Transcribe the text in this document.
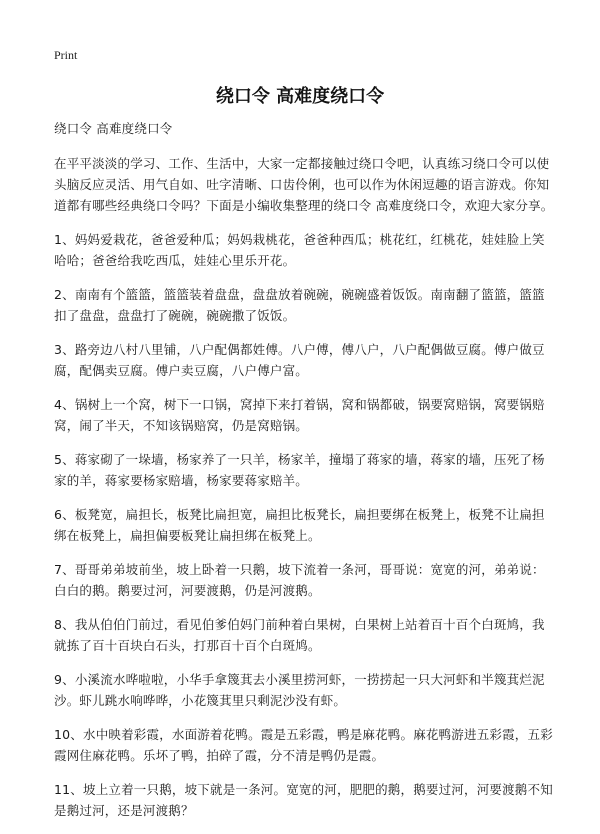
Print
绕口令 高难度绕口令

绕口令 高难度绕口令

在平平淡淡的学习、工作、生活中，大家一定都接触过绕口令吧，认真练习绕口令可以使头脑反应灵活、用气自如、吐字清晰、口齿伶俐，也可以作为休闲逗趣的语言游戏。你知道都有哪些经典绕口令吗？下面是小编收集整理的绕口令 高难度绕口令，欢迎大家分享。

1、妈妈爱栽花，爸爸爱种瓜；妈妈栽桃花，爸爸种西瓜；桃花红，红桃花，娃娃脸上笑哈哈；爸爸给我吃西瓜，娃娃心里乐开花。

2、南南有个篮篮，篮篮装着盘盘，盘盘放着碗碗，碗碗盛着饭饭。南南翻了篮篮，篮篮扣了盘盘，盘盘打了碗碗，碗碗撒了饭饭。

3、路旁边八村八里铺，八户配偶都姓傅。八户傅，傅八户，八户配偶做豆腐。傅户做豆腐，配偶卖豆腐。傅户卖豆腐，八户傅户富。

4、锅树上一个窝，树下一口锅，窝掉下来打着锅，窝和锅都破，锅要窝赔锅，窝要锅赔窝，闹了半天，不知该锅赔窝，仍是窝赔锅。

5、蒋家砌了一垛墙，杨家养了一只羊，杨家羊，撞塌了蒋家的墙，蒋家的墙，压死了杨家的羊，蒋家要杨家赔墙，杨家要蒋家赔羊。

6、板凳宽，扁担长，板凳比扁担宽，扁担比板凳长，扁担要绑在板凳上，板凳不让扁担绑在板凳上，扁担偏要板凳让扁担绑在板凳上。

7、哥哥弟弟坡前坐，坡上卧着一只鹅，坡下流着一条河，哥哥说：宽宽的河，弟弟说：白白的鹅。鹅要过河，河要渡鹅，仍是河渡鹅。

8、我从伯伯门前过，看见伯爹伯妈门前种着白果树，白果树上站着百十百个白斑鸠，我就拣了百十百块白石头，打那百十百个白斑鸠。

9、小溪流水哗啦啦，小华手拿篾萁去小溪里捞河虾，一捞捞起一只大河虾和半篾萁烂泥沙。虾儿跳水响哗哗，小花篾萁里只剩泥沙没有虾。

10、水中映着彩霞，水面游着花鸭。霞是五彩霞，鸭是麻花鸭。麻花鸭游进五彩霞，五彩霞网住麻花鸭。乐坏了鸭，拍碎了霞，分不清是鸭仍是霞。

11、坡上立着一只鹅，坡下就是一条河。宽宽的河，肥肥的鹅，鹅要过河，河要渡鹅不知是鹅过河，还是河渡鹅？
